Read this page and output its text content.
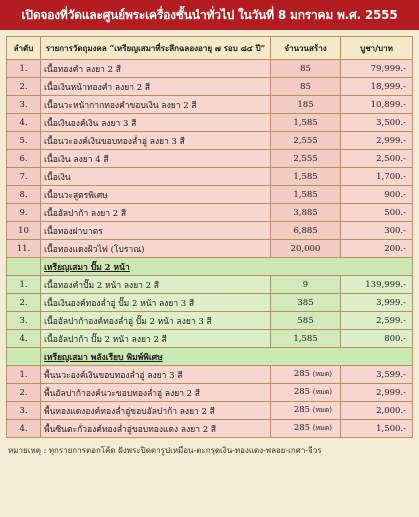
เปิดจองที่วัดและศูนย์พระเครื่องชั้นนำทั่วไป ในวันที่ 8 มกราคม พ.ศ. 2555
ลำดับ	รายการวัตถุมงคล “เหรียญเสมาที่ระลึกฉลองอายุ ๗ รอบ ๘๔ ปี”	จำนวนสร้าง	บูชา/บาท
1.	เนื้อทองคำ ลงยา 2 สี	85	79,999.-
2.	เนื้อเงินหน้าทองคำ ลงยา 2 สี	85	18,999.-
3.	เนื้อนวะหน้ากากทองคำขอบเงิน ลงยา 2 สี	185	10,899.-
4.	เนื้อเงินองค์เงิน ลงยา 3 สี	1,585	3,500.-
5.	เนื้อนวะองค์เงินขอบทองล่ำอู่ ลงยา 3 สี	2,555	2,999.-
6.	เนื้อเงิน ลงยา 4 สี	2,555	2,500.-
7.	เนื้อเงิน	1,585	1,700.-
8.	เนื้อนวะสูตรพิเศษ	1,585	900.-
9.	เนื้ออัลปาก้า ลงยา 2 สี	3,885	500.-
10	เนื้อทองฝาบาตร	6,885	300.-
11.	เนื้อทองแดงผิวไฟ (โบราณ)	20,000	200.-
	เหรียญเสมา ปั๊ม 2 หน้า		
1.	เนื้อทองคำปั๊ม 2 หน้า ลงยา 2 สี	9	139,999.-
2.	เนื้อเงินองค์ทองล่ำอู่ ปั๊ม 2 หน้า ลงยา 3 สี	385	3,999.-
3.	เนื้ออัลปาก้าองค์ทองล่ำอู่ ปั๊ม 2 หน้า ลงยา 3 สี	585	2,599.-
4.	เนื้ออัลปาก้า ปั๊ม 2 หน้า ลงยา 2 สี	1,585	800.-
	เหรียญเสมา พลังเรียบ พิมพ์พิเศษ		
1.	พื้นนวะองค์เงินขอบทองล่ำอู่ ลงยา 3 สี	285 (หมด)	3,599.-
2.	พื้นอัลปาก้าองค์นวะขอบทองล่ำอู่ ลงยา 2 สี	285 (หมด)	2,999.-
3.	พื้นทองแดงองค์ทองล่ำอู่ขอบอัลปาก้า ลงยา 2 สี	285 (หมด)	2,000.-
4.	พื้นซินตะกั่วองค์ทองล่ำอู่ขอบทองแดง ลงยา 2 สี	285 (หมด)	1,500.-
หมายเหตุ : ทุกรายการตอกโค้ด ฝังพระปิดตารูปเหมือน-ตะกรุดเงิน-ทองแดง-พลอย-เกศา-จีวร
